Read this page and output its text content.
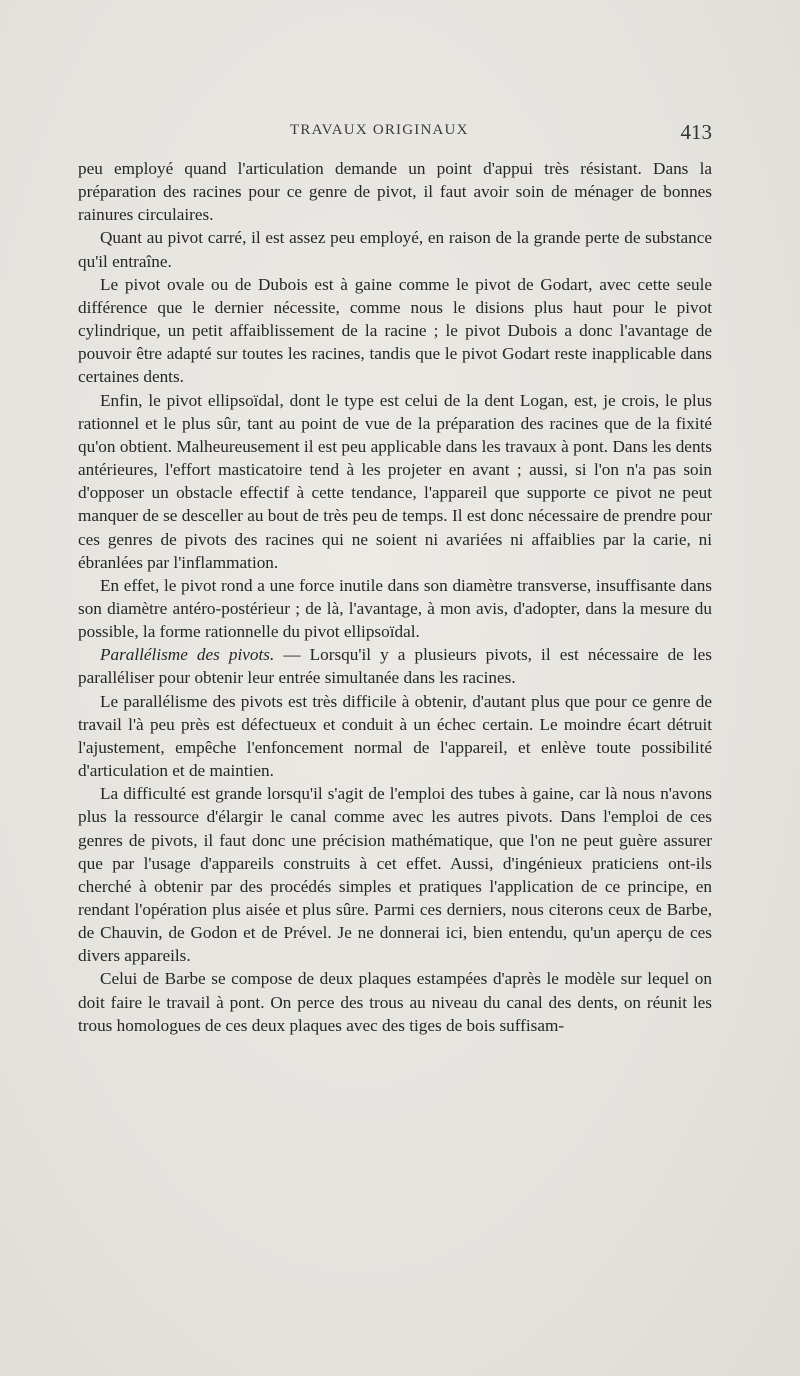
TRAVAUX ORIGINAUX	413

peu employé quand l'articulation demande un point d'appui très résistant. Dans la préparation des racines pour ce genre de pivot, il faut avoir soin de ménager de bonnes rainures circulaires.

Quant au pivot carré, il est assez peu employé, en raison de la grande perte de substance qu'il entraîne.

Le pivot ovale ou de Dubois est à gaine comme le pivot de Godart, avec cette seule différence que le dernier nécessite, comme nous le disions plus haut pour le pivot cylindrique, un petit affaiblissement de la racine ; le pivot Dubois a donc l'avantage de pouvoir être adapté sur toutes les racines, tandis que le pivot Godart reste inapplicable dans certaines dents.

Enfin, le pivot ellipsoïdal, dont le type est celui de la dent Logan, est, je crois, le plus rationnel et le plus sûr, tant au point de vue de la préparation des racines que de la fixité qu'on obtient. Malheureusement il est peu applicable dans les travaux à pont. Dans les dents antérieures, l'effort masticatoire tend à les projeter en avant ; aussi, si l'on n'a pas soin d'opposer un obstacle effectif à cette tendance, l'appareil que supporte ce pivot ne peut manquer de se desceller au bout de très peu de temps. Il est donc nécessaire de prendre pour ces genres de pivots des racines qui ne soient ni avariées ni affaiblies par la carie, ni ébranlées par l'inflammation.

En effet, le pivot rond a une force inutile dans son diamètre transverse, insuffisante dans son diamètre antéro-postérieur ; de là, l'avantage, à mon avis, d'adopter, dans la mesure du possible, la forme rationnelle du pivot ellipsoïdal.

Parallélisme des pivots. — Lorsqu'il y a plusieurs pivots, il est nécessaire de les paralléliser pour obtenir leur entrée simultanée dans les racines.

Le parallélisme des pivots est très difficile à obtenir, d'autant plus que pour ce genre de travail l'à peu près est défectueux et conduit à un échec certain. Le moindre écart détruit l'ajustement, empêche l'enfoncement normal de l'appareil, et enlève toute possibilité d'articulation et de maintien.

La difficulté est grande lorsqu'il s'agit de l'emploi des tubes à gaine, car là nous n'avons plus la ressource d'élargir le canal comme avec les autres pivots. Dans l'emploi de ces genres de pivots, il faut donc une précision mathématique, que l'on ne peut guère assurer que par l'usage d'appareils construits à cet effet. Aussi, d'ingénieux praticiens ont-ils cherché à obtenir par des procédés simples et pratiques l'application de ce principe, en rendant l'opération plus aisée et plus sûre. Parmi ces derniers, nous citerons ceux de Barbe, de Chauvin, de Godon et de Prével. Je ne donnerai ici, bien entendu, qu'un aperçu de ces divers appareils.

Celui de Barbe se compose de deux plaques estampées d'après le modèle sur lequel on doit faire le travail à pont. On perce des trous au niveau du canal des dents, on réunit les trous homologues de ces deux plaques avec des tiges de bois suffisam-
